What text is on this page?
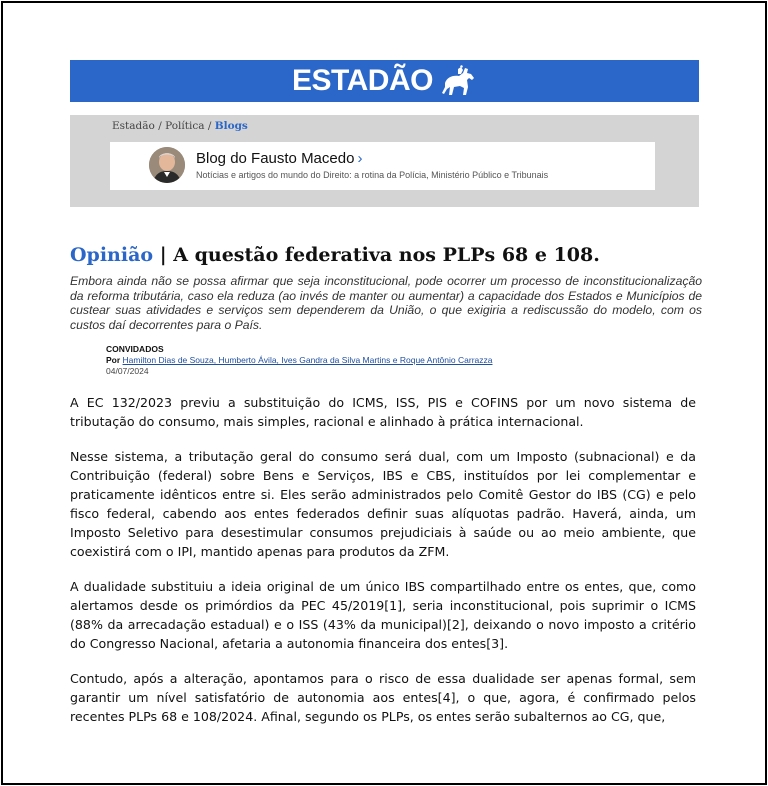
ESTADÃO
Estadão / Política / Blogs
Blog do Fausto Macedo ›
Notícias e artigos do mundo do Direito: a rotina da Polícia, Ministério Público e Tribunais
Opinião | A questão federativa nos PLPs 68 e 108.
Embora ainda não se possa afirmar que seja inconstitucional, pode ocorrer um processo de inconstitucionalização da reforma tributária, caso ela reduza (ao invés de manter ou aumentar) a capacidade dos Estados e Municípios de custear suas atividades e serviços sem dependerem da União, o que exigiria a rediscussão do modelo, com os custos daí decorrentes para o País.
CONVIDADOS
Por Hamilton Dias de Souza, Humberto Ávila, Ives Gandra da Silva Martins e Roque Antônio Carrazza
04/07/2024

A EC 132/2023 previu a substituição do ICMS, ISS, PIS e COFINS por um novo sistema de tributação do consumo, mais simples, racional e alinhado à prática internacional.

Nesse sistema, a tributação geral do consumo será dual, com um Imposto (subnacional) e da Contribuição (federal) sobre Bens e Serviços, IBS e CBS, instituídos por lei complementar e praticamente idênticos entre si. Eles serão administrados pelo Comitê Gestor do IBS (CG) e pelo fisco federal, cabendo aos entes federados definir suas alíquotas padrão. Haverá, ainda, um Imposto Seletivo para desestimular consumos prejudiciais à saúde ou ao meio ambiente, que coexistirá com o IPI, mantido apenas para produtos da ZFM.

A dualidade substituiu a ideia original de um único IBS compartilhado entre os entes, que, como alertamos desde os primórdios da PEC 45/2019[1], seria inconstitucional, pois suprimir o ICMS (88% da arrecadação estadual) e o ISS (43% da municipal)[2], deixando o novo imposto a critério do Congresso Nacional, afetaria a autonomia financeira dos entes[3].

Contudo, após a alteração, apontamos para o risco de essa dualidade ser apenas formal, sem garantir um nível satisfatório de autonomia aos entes[4], o que, agora, é confirmado pelos recentes PLPs 68 e 108/2024. Afinal, segundo os PLPs, os entes serão subalternos ao CG, que,
